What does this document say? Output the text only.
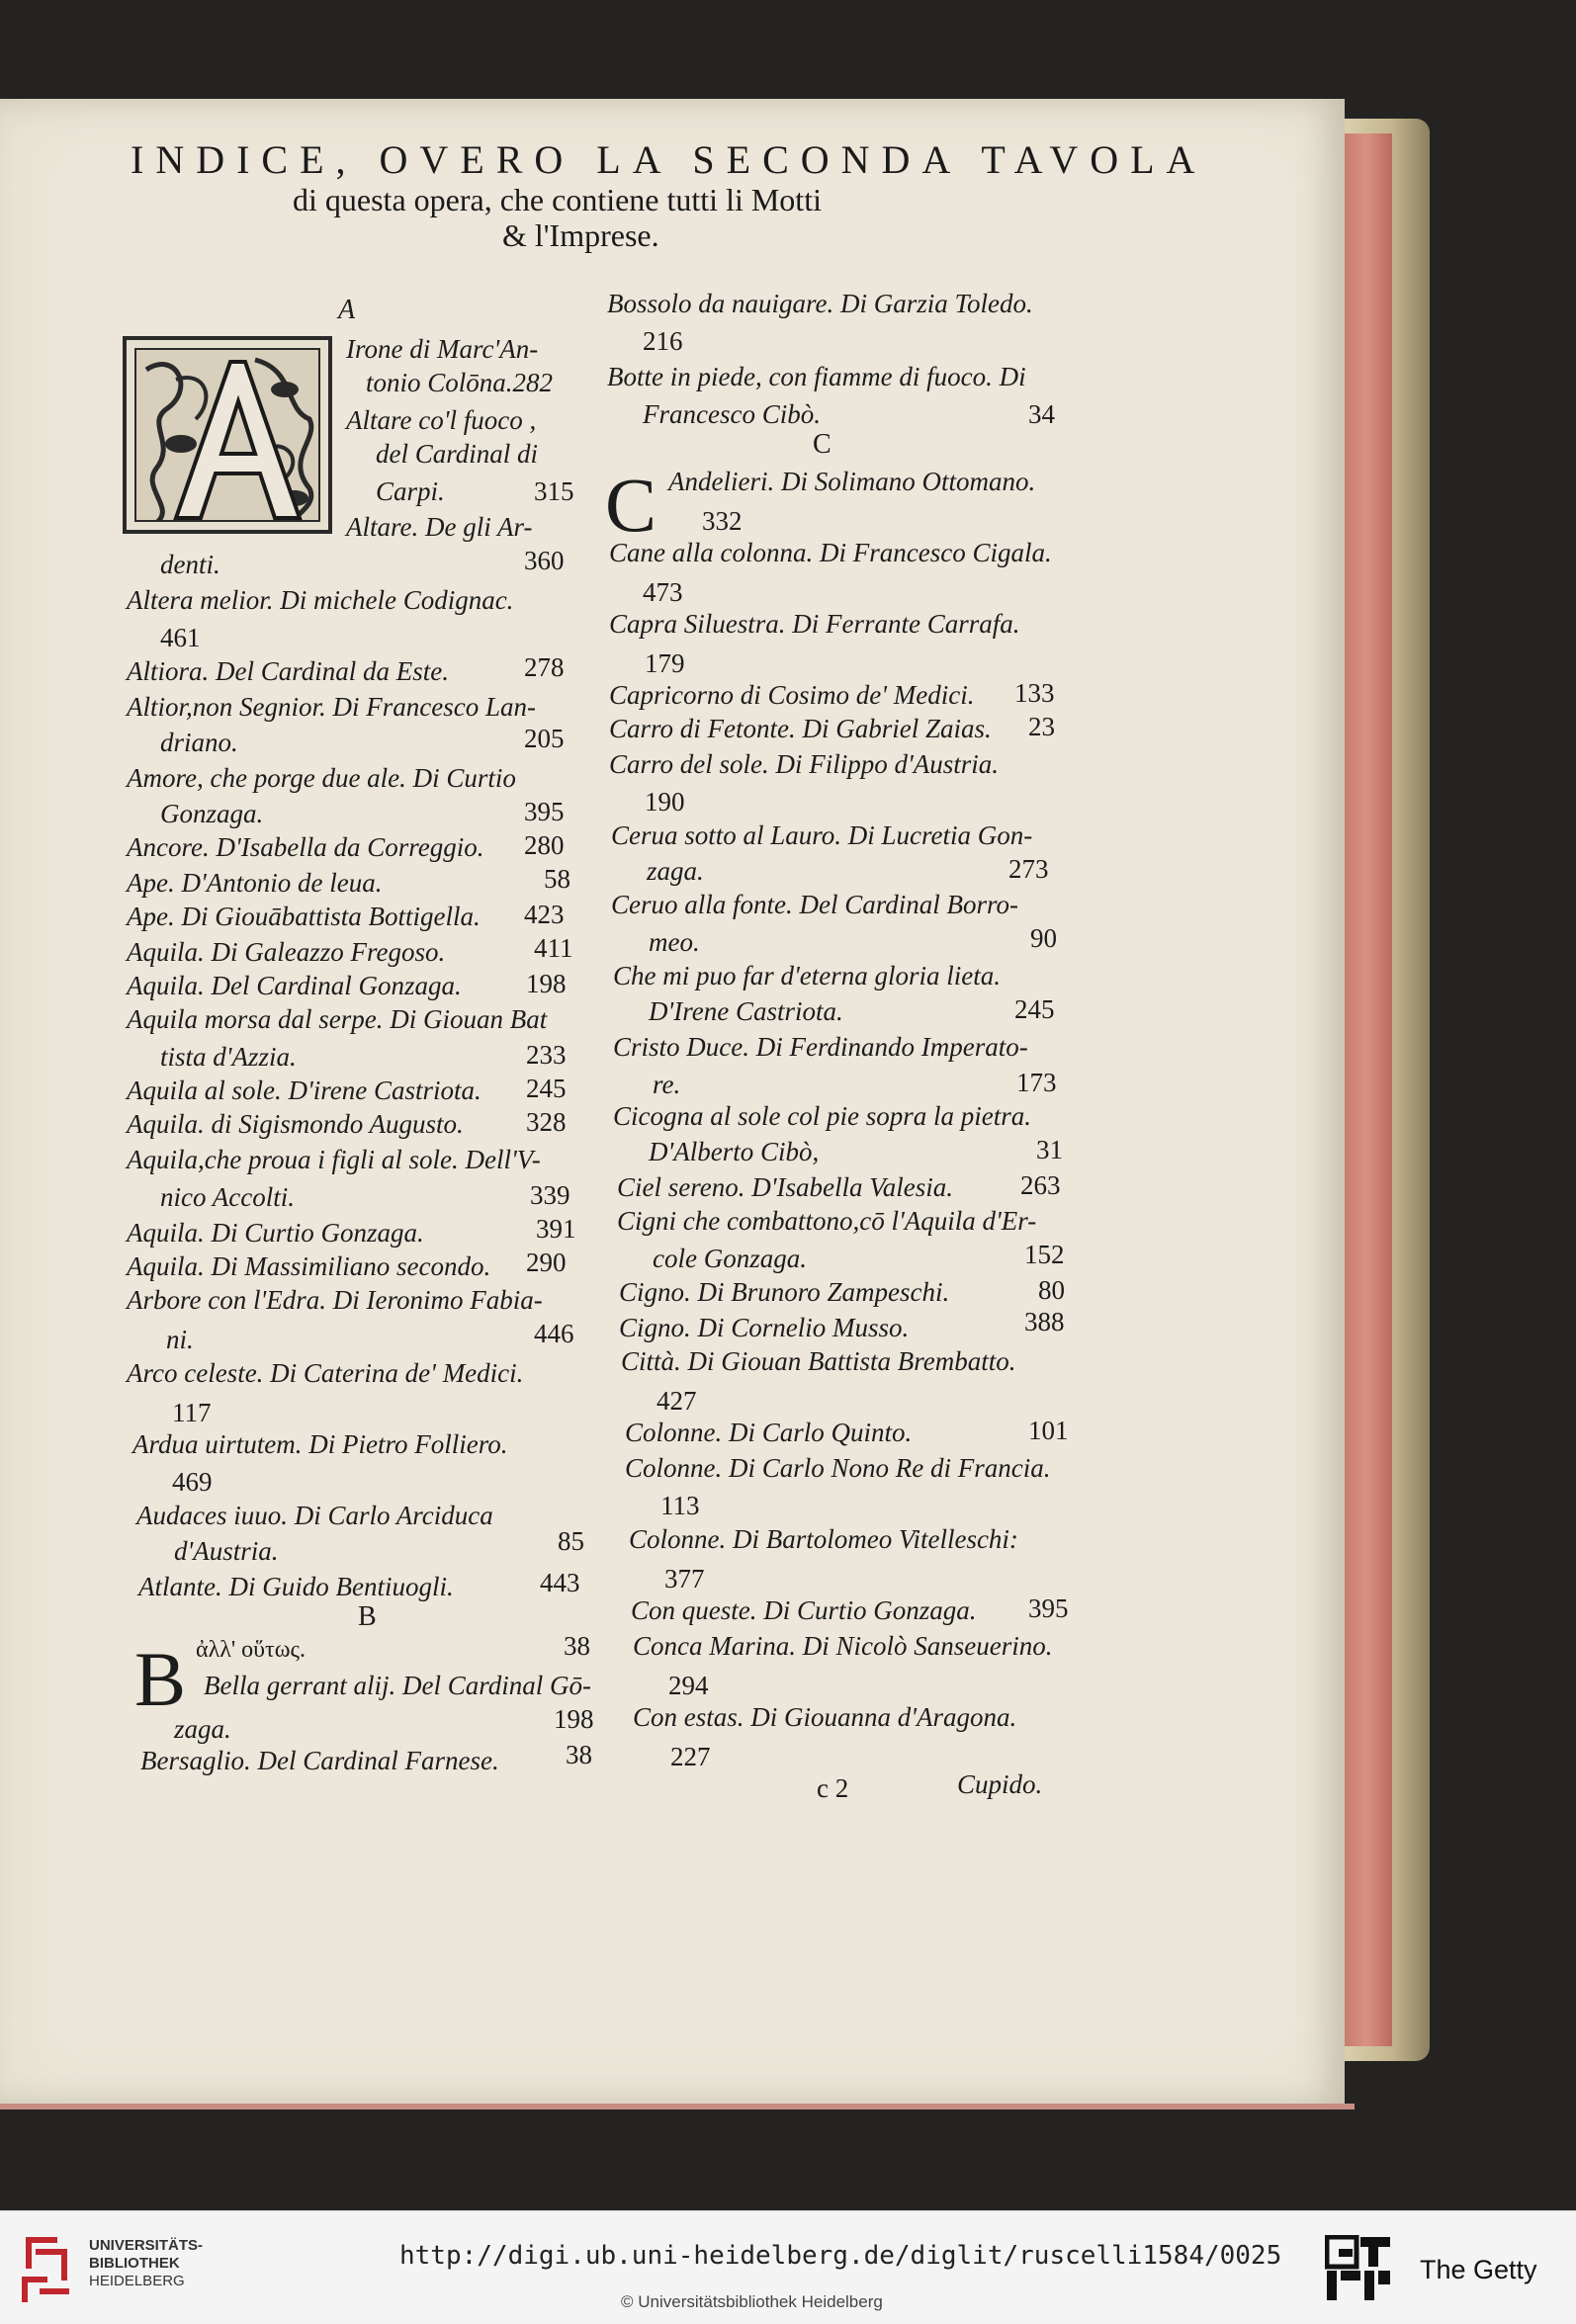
INDICE, OVERO LA SECONDA TAVOLA
di questa opera, che contiene tutti li Motti
& l'Imprese.
A
Irone di Marc'An-
tonio Colōna.282
Altare co'l fuoco ,
del Cardinal di
Carpi.	315
Altare. De gli Ar-
denti.	360
Altera melior. Di michele Codignac.
461
Altiora. Del Cardinal da Este.	278
Altior,non Segnior. Di Francesco Lan-
driano.	205
Amore, che porge due ale. Di Curtio
Gonzaga.	395
Ancore. D'Isabella da Correggio. 280
Ape. D'Antonio de leua.	58
Ape. Di Giouābattista Bottigella. 423
Aquila. Di Galeazzo Fregoso.	411
Aquila. Del Cardinal Gonzaga. 198
Aquila morsa dal serpe. Di Giouan Bat
tista d'Azzia.	233
Aquila al sole. D'irene Castriota. 245
Aquila. di Sigismondo Augusto. 328
Aquila,che proua i figli al sole. Dell'V-
nico Accolti.	339
Aquila. Di Curtio Gonzaga.	391
Aquila. Di Massimiliano secondo. 290
Arbore con l'Edra. Di Ieronimo Fabia-
ni.	446
Arco celeste. Di Caterina de' Medici.
117
Ardua uirtutem. Di Pietro Folliero.
469
Audaces iuuo. Di Carlo Arciduca
d'Austria.	85
Atlante. Di Guido Bentiuogli.	443
B
B ἀλλ' οὕτως.	38
Bella gerrant alij. Del Cardinal Gō-
zaga.	198
Bersaglio. Del Cardinal Farnese. 38
Bossolo da nauigare. Di Garzia Toledo.
216
Botte in piede, con fiamme di fuoco. Di
Francesco Cibò.	34
C
C Andelieri. Di Solimano Ottomano.
332
Cane alla colonna. Di Francesco Cigala.
473
Capra Siluestra. Di Ferrante Carrafa.
179
Capricorno di Cosimo de' Medici. 133
Carro di Fetonte. Di Gabriel Zaias. 23
Carro del sole. Di Filippo d'Austria.
190
Cerua sotto al Lauro. Di Lucretia Gon-
zaga.	273
Ceruo alla fonte. Del Cardinal Borro-
meo.	90
Che mi puo far d'eterna gloria lieta.
D'Irene Castriota.	245
Cristo Duce. Di Ferdinando Imperato-
re.	173
Cicogna al sole col pie sopra la pietra.
D'Alberto Cibò,	31
Ciel sereno. D'Isabella Valesia.	263
Cigni che combattono,cō l'Aquila d'Er-
cole Gonzaga.	152
Cigno. Di Brunoro Zampeschi.	80
Cigno. Di Cornelio Musso.	388
Città. Di Giouan Battista Brembatto.
427
Colonne. Di Carlo Quinto.	101
Colonne. Di Carlo Nono Re di Francia.
113
Colonne. Di Bartolomeo Vitelleschi:
377
Con queste. Di Curtio Gonzaga. 395
Conca Marina. Di Nicolò Sanseuerino.
294
Con estas. Di Giouanna d'Aragona.
227
c 2	Cupido.
UNIVERSITÄTS-
BIBLIOTHEK
HEIDELBERG
http://digi.ub.uni-heidelberg.de/diglit/ruscelli1584/0025
© Universitätsbibliothek Heidelberg
The Getty
